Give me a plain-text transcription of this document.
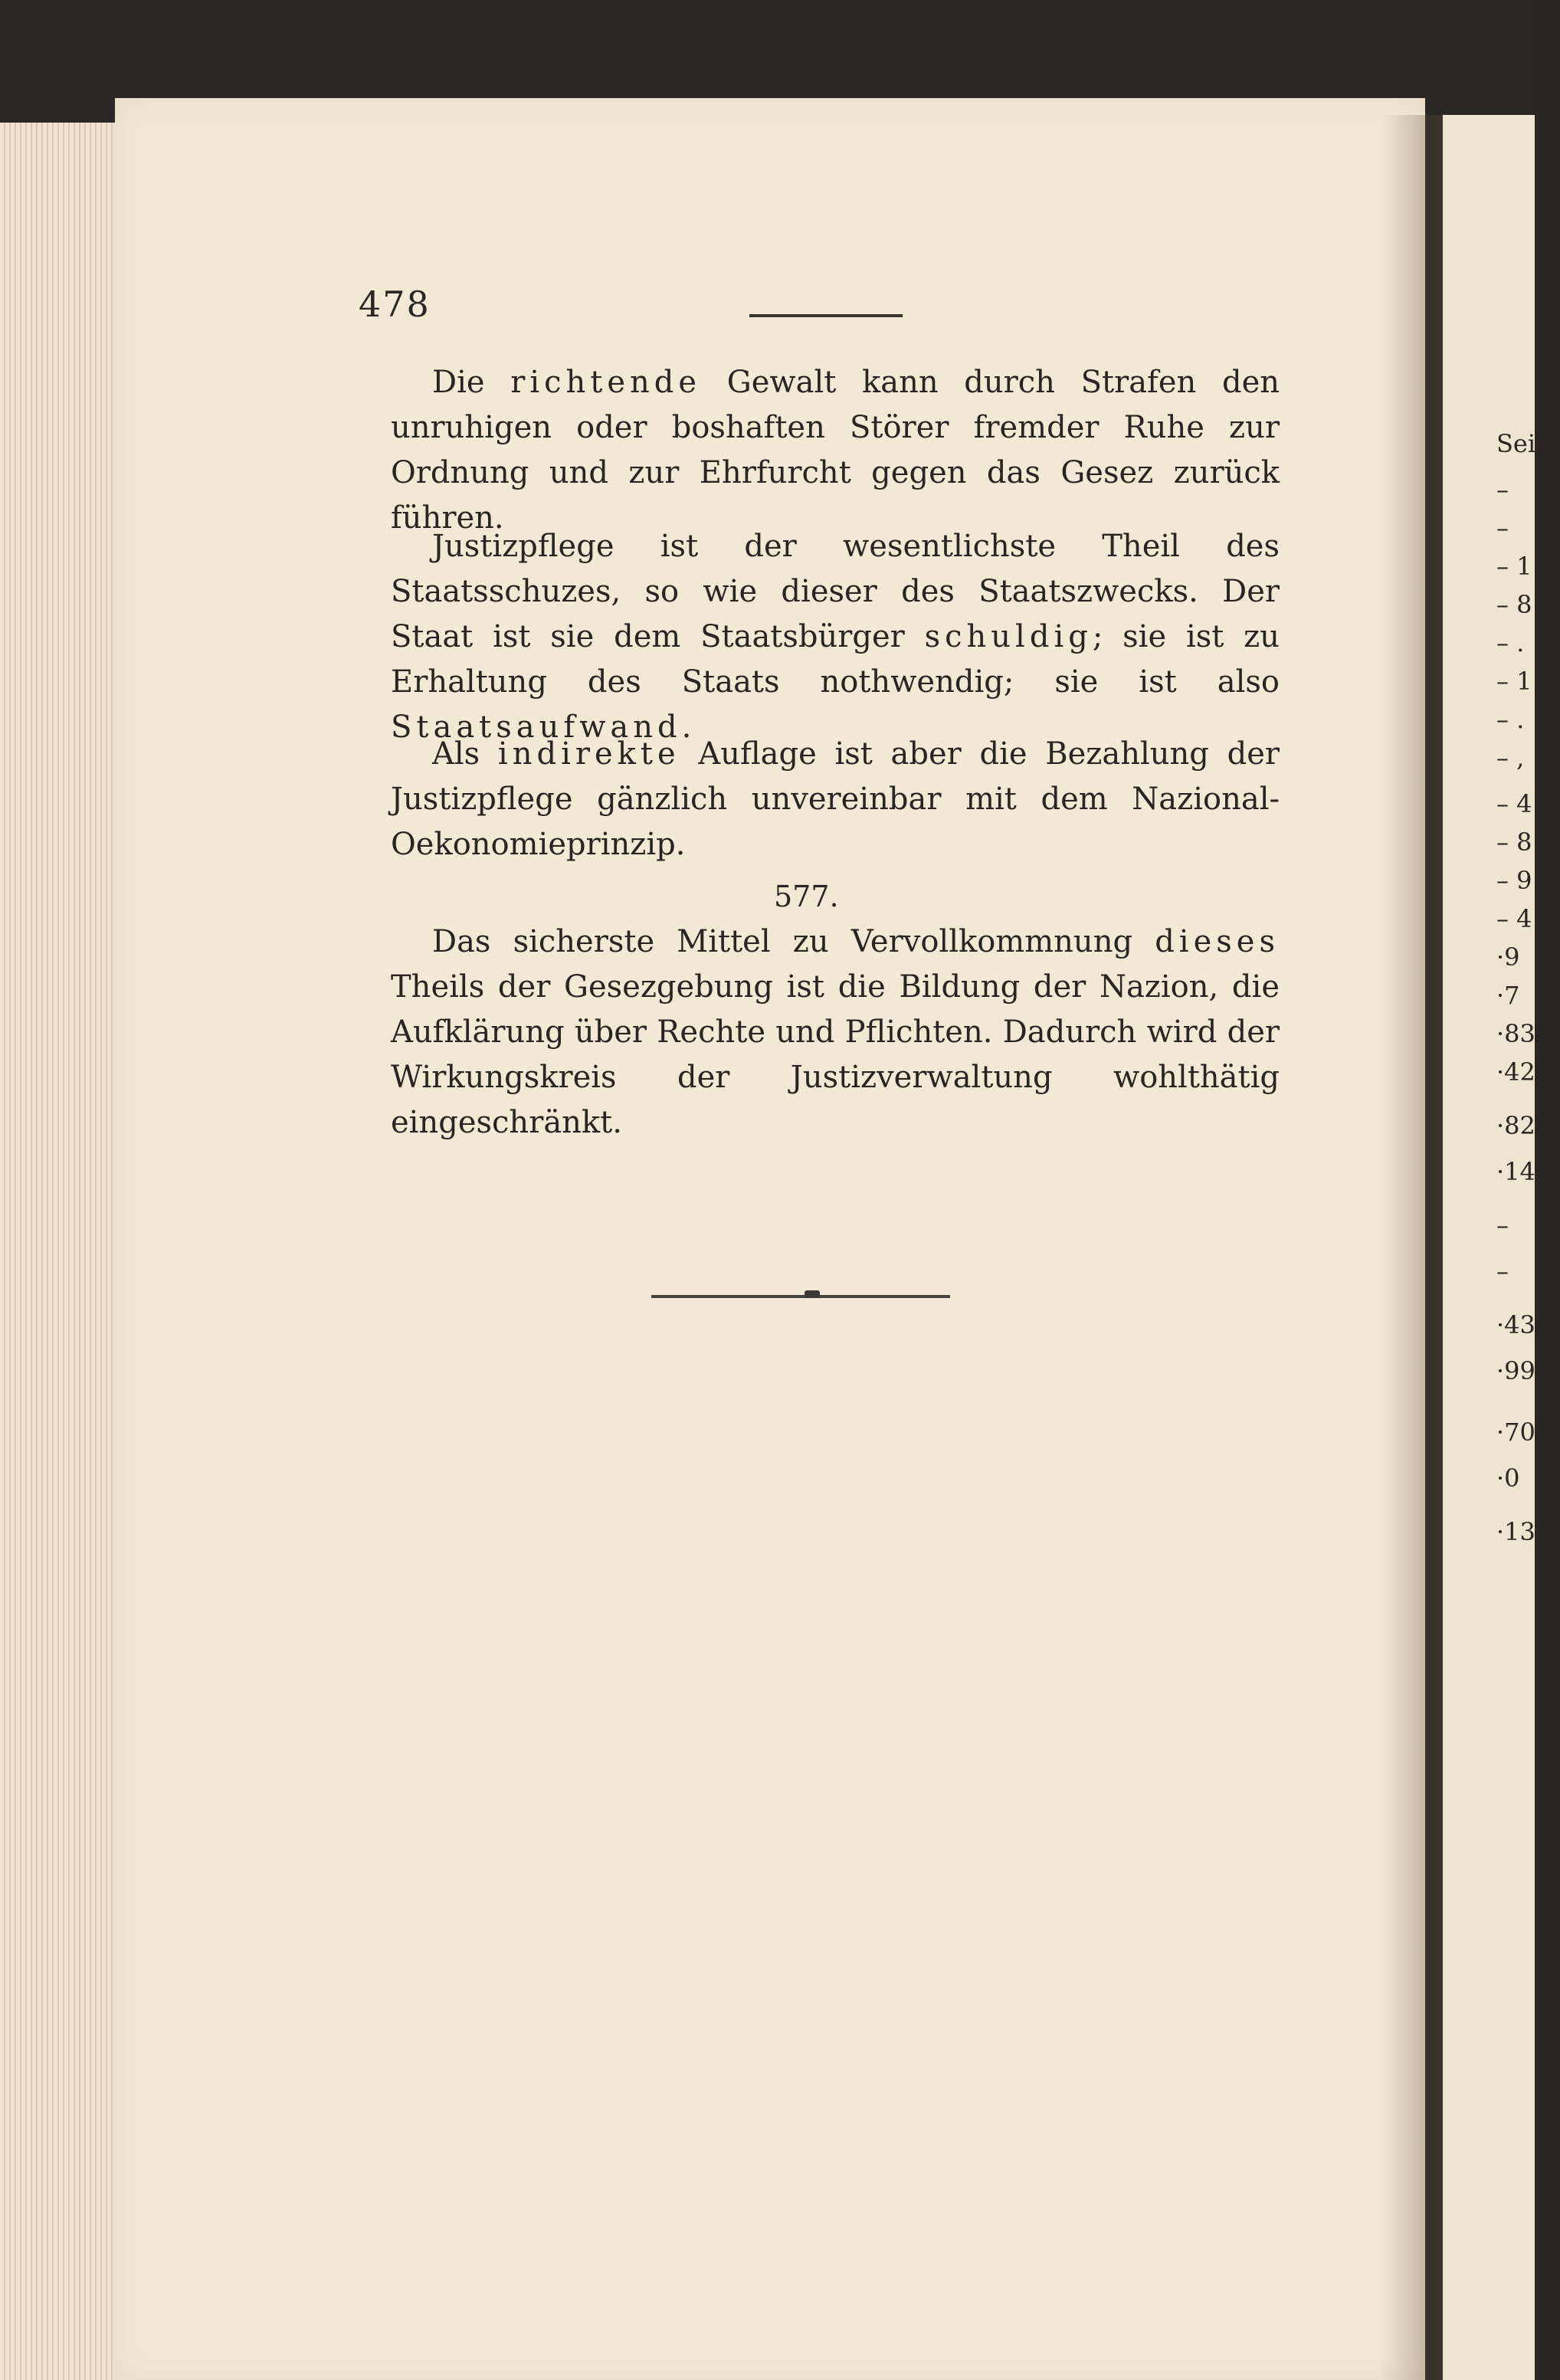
Seite
–
–
– 1
– 8
– .
– 1
– .
– ,
– 4
– 8
– 9
– 4
·9
·7
·83
·42
·82
·148
–
–
·43
·99
·70
·0
·13
478

Die richtende Gewalt kann durch Strafen den unruhigen oder boshaften Störer fremder Ruhe zur Ordnung und zur Ehrfurcht gegen das Gesez zurück führen.

Justizpflege ist der wesentlichste Theil des Staatsschuzes, so wie dieser des Staatszwecks. Der Staat ist sie dem Staatsbürger schuldig; sie ist zu Erhaltung des Staats nothwendig; sie ist also Staatsaufwand.

Als indirekte Auflage ist aber die Bezahlung der Justizpflege gänzlich unvereinbar mit dem Nazional-Oekonomieprinzip.

577.

Das sicherste Mittel zu Vervollkommnung dieses Theils der Gesezgebung ist die Bildung der Nazion, die Aufklärung über Rechte und Pflichten. Dadurch wird der Wirkungskreis der Justizverwaltung wohlthätig eingeschränkt.
